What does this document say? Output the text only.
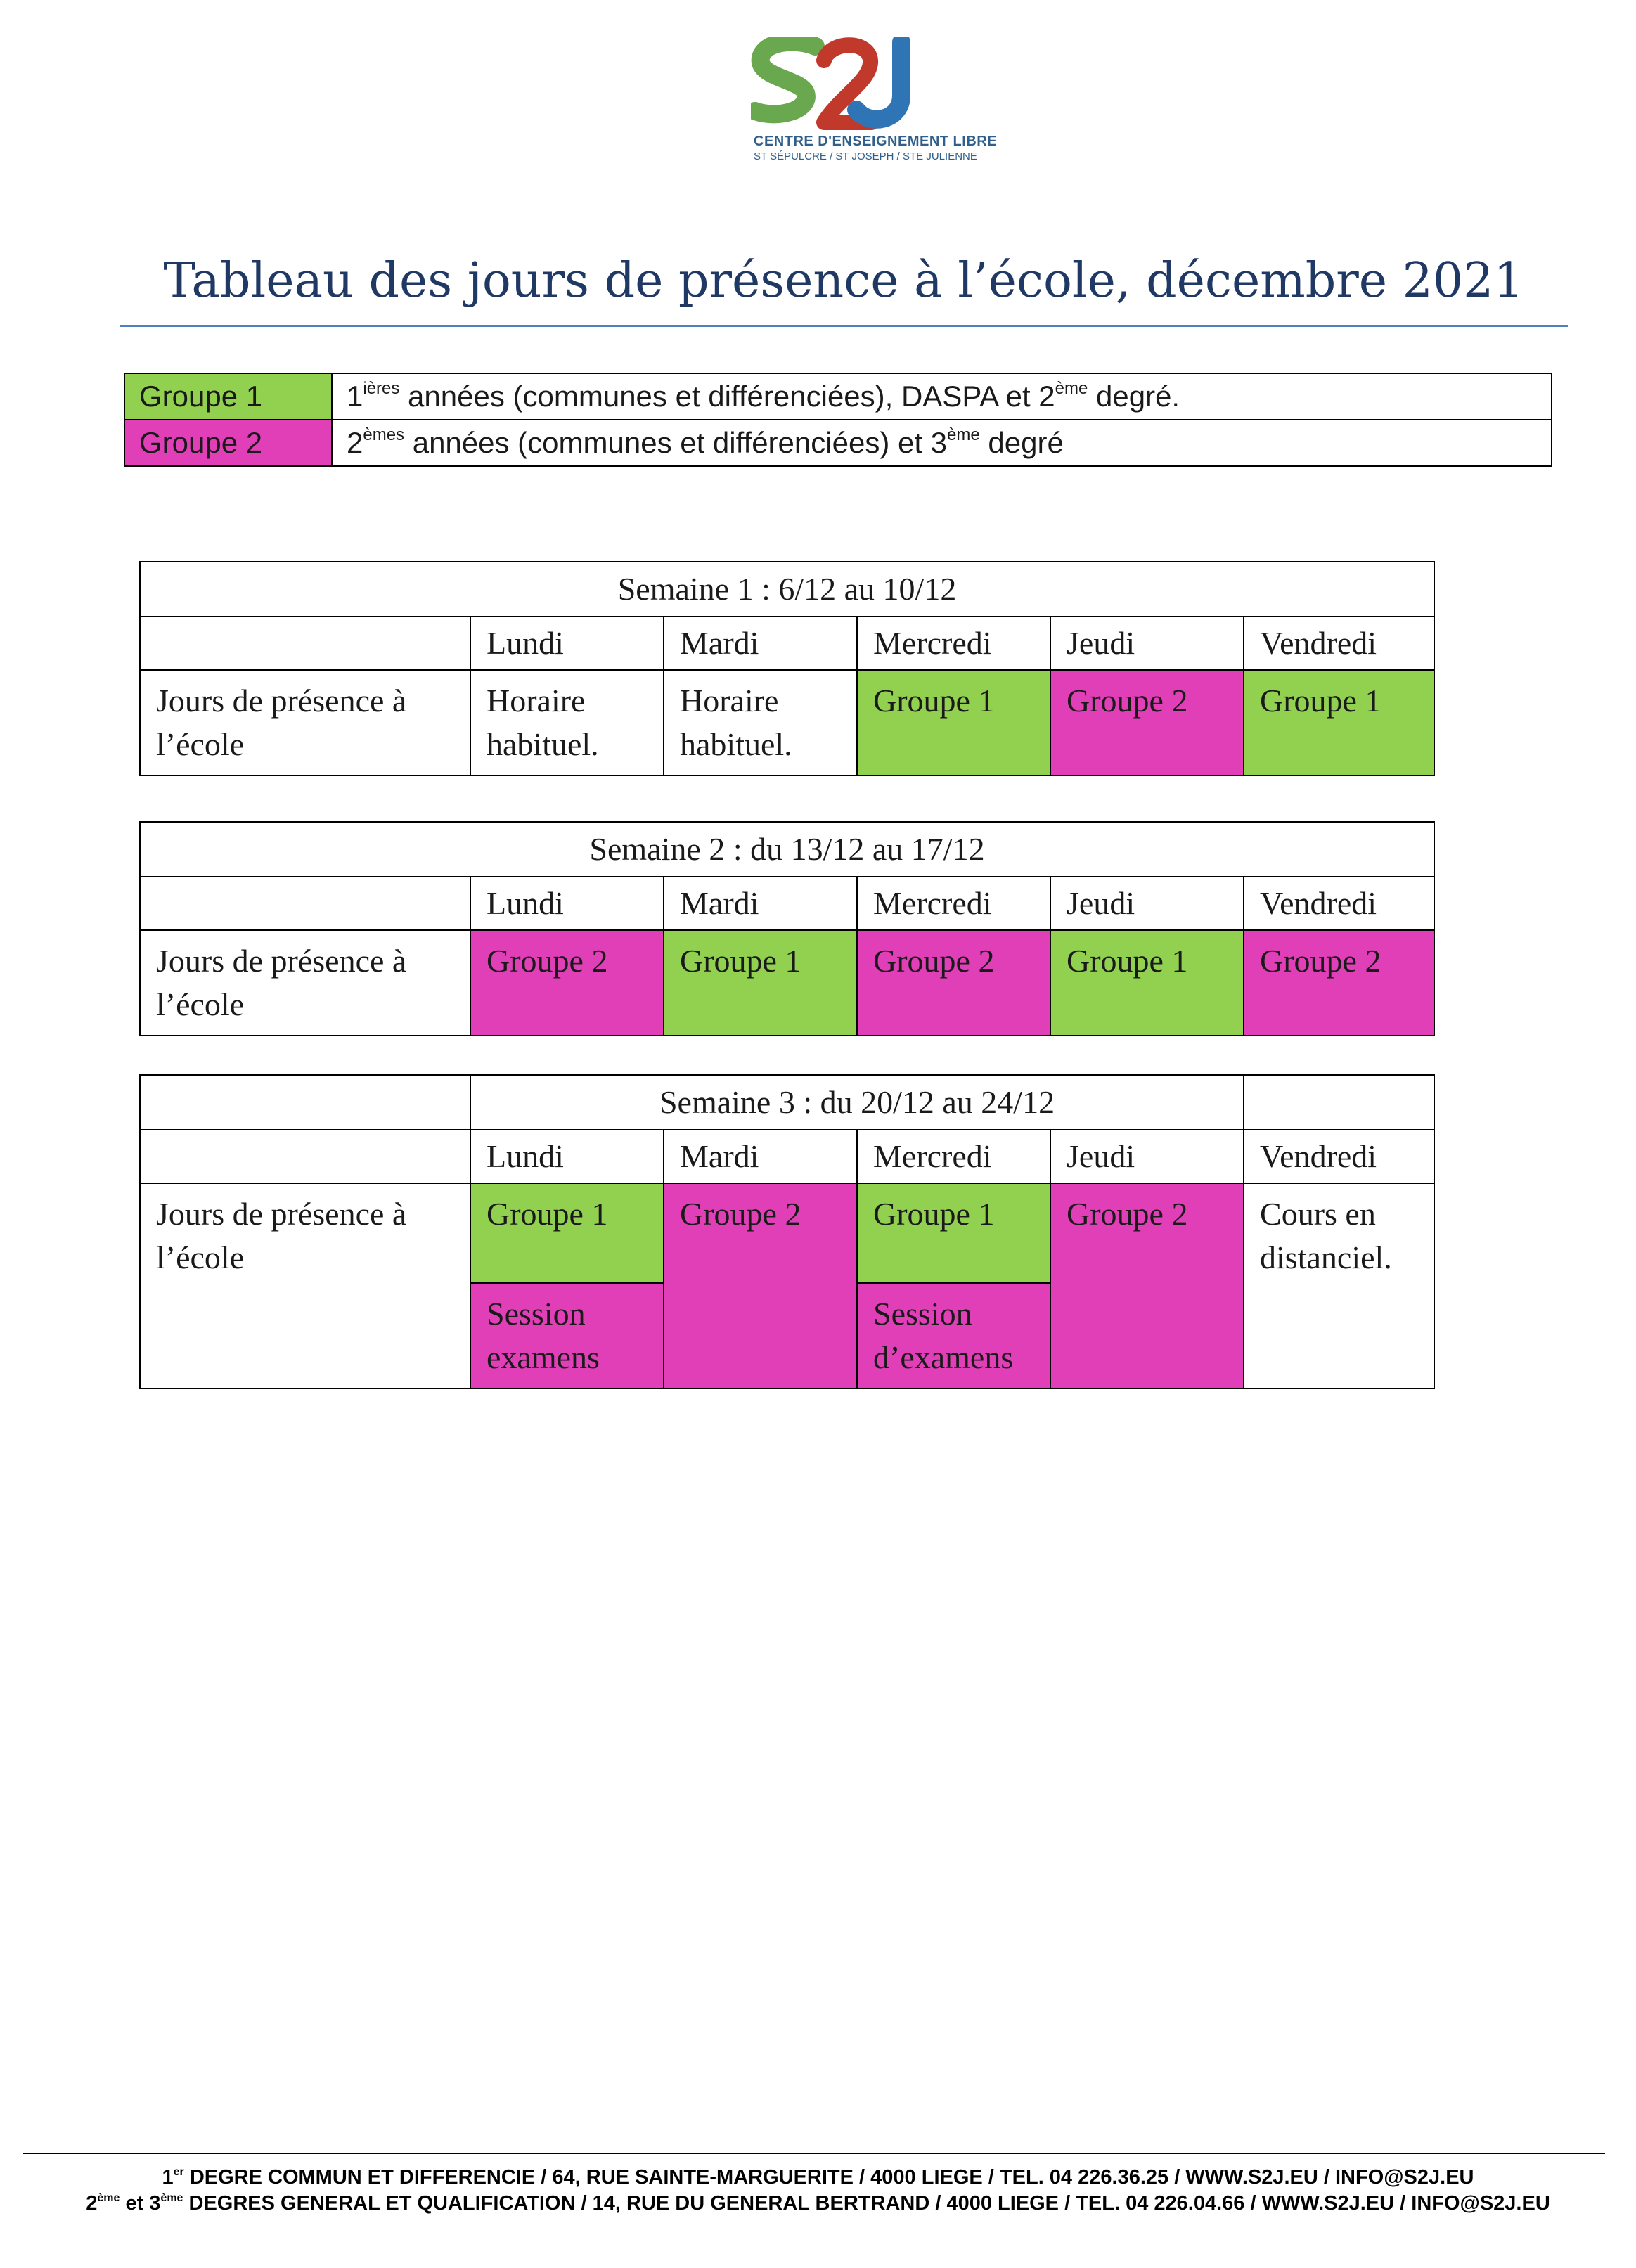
CENTRE D'ENSEIGNEMENT LIBRE
ST SÉPULCRE / ST JOSEPH / STE JULIENNE
Tableau des jours de présence à l’école, décembre 2021
Groupe 1	$1^{ières}$ années (communes et différenciées), DASPA et 2ème degré.
Groupe 2	2èmes années (communes et différenciées) et 3ème degré
Semaine 1 : 6/12 au 10/12					
	Lundi	Mardi	Mercredi	Jeudi	Vendredi
Jours de présence à l’école	Horaire habituel.	Horaire habituel.	Groupe 1	Groupe 2	Groupe 1
Semaine 2 : du 13/12 au 17/12					
	Lundi	Mardi	Mercredi	Jeudi	Vendredi
Jours de présence à l’école	Groupe 2	Groupe 1	Groupe 2	Groupe 1	Groupe 2
	Semaine 3 : du 20/12 au 24/12				
	Lundi	Mardi	Mercredi	Jeudi	Vendredi
Jours de présence à l’école	Groupe 1	Groupe 2	Groupe 1	Groupe 2	Cours en distanciel.
	Session examens		Session d’examens		
1er DEGRE COMMUN ET DIFFERENCIE / 64, RUE SAINTE-MARGUERITE / 4000 LIEGE / TEL. 04 226.36.25 / WWW.S2J.EU / INFO@S2J.EU
2ème et 3ème DEGRES GENERAL ET QUALIFICATION / 14, RUE DU GENERAL BERTRAND / 4000 LIEGE / TEL. 04 226.04.66 / WWW.S2J.EU / INFO@S2J.EU
